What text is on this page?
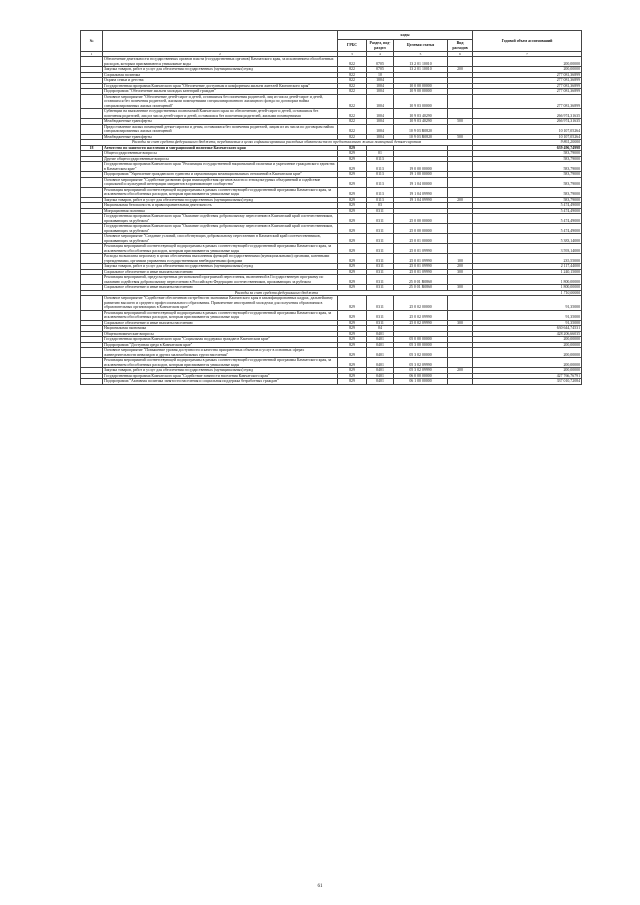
№		коды				Годовой объем ассигнований
		ГРБС	Раздел, под-раздел	Целевая статья	Вид расходов	
1	2	3	4	5	6	7
	Обеспечение деятельности государственных органов власти (государственных органов) Камчатского края, за исключением обособленных расходов, которым присваиваются уникальные коды	822	0705	13 2 01 10010		200,00000
	Закупка товаров, работ и услуг для обеспечения государственных (муниципальных) нужд	822	0705	13 2 01 10010	200	200,00000
	Социальная политика	822	10			277 081,36899
	Охрана семьи и детства	822	1004			277 081,36899
	Государственная программа Камчатского края "Обеспечение доступным и комфортным жильем жителей Камчатского края"	822	1004	10 0 00 00000		277 081,36899
	Подпрограмма "Обеспечение жильем молодых категорий граждан"	822	1004	10 9 00 00000		277 081,36899
	Основное мероприятие "Обеспечение детей-сирот и детей, оставшихся без попечения родителей, лиц из числа детей-сирот и детей, оставшихся без попечения родителей, жилыми помещениями специализированного жилищного фонда по договорам найма специализированных жилых помещений"	822	1004	10 9 03 00000		277 081,36899
	Субвенции на выполнение государственных полномочий Камчатского края по обеспечению детей-сирот и детей, оставшихся без попечения родителей, лиц из числа детей-сирот и детей, оставшихся без попечения родителей, жилыми помещениями	822	1004	10 9 03 40290		266 974,31635
	Межбюджетные трансферты	822	1004	10 9 03 40290	500	266 974,31635
	Предоставление жилых помещений детям-сиротам и детям, оставшимся без попечения родителей, лицам из их числа по договорам найма специализированных жилых помещений	822	1004	10 9 03 R0820		10 107,05264
	Межбюджетные трансферты	822	1004	10 9 03 R0820	500	10 107,05264
Расходы за счет средств федерального бюджета, передаваемых в целях софинансирования расходных обязательств по предоставлению жилых помещений детям-сиротам						9 861,20000
18	Агентство по занятости населения и миграционной политике Камчатского края	829				639 496,74998
	Общегосударственные вопросы	829	01			583,79000
	Другие общегосударственные вопросы	829	0113			583,79000
	Государственная программа Камчатского края "Реализация государственной национальной политики и укрепление гражданского единства в Камчатском крае"	829	0113	19 0 00 00000		583,79000
	Подпрограмма "Укрепление гражданского единства и гармонизация межнациональных отношений в Камчатском крае"	829	0113	19 1 00 00000		583,79000
	Основное мероприятие "Содействие развитию форм взаимодействия органов власти и этнокультурных объединений и содействие социальной и культурной интеграции мигрантов в принимающее сообщество"	829	0113	19 1 04 00000		583,79000
	Реализация мероприятий соответствующей подпрограммы в рамках соответствующей государственной программы Камчатского края, за исключением обособленных расходов, которым присваиваются уникальные коды	829	0113	19 1 04 09990		583,79000
	Закупка товаров, работ и услуг для обеспечения государственных (муниципальных) нужд	829	0113	19 1 04 09990	200	583,79000
	Национальная безопасность и правоохранительная деятельность	829	03			5 474,49000
	Миграционная политика	829	0311			5 474,49000
	Государственная программа Камчатского края "Оказание содействия добровольному переселению в Камчатский край соотечественников, проживающих за рубежом"	829	0311	25 0 00 00000		5 474,49000
	Государственная программа Камчатского края "Оказание содействия добровольному переселению в Камчатский край соотечественников, проживающих за рубежом"	829	0311	25 0 00 00000		5 474,49000
	Основное мероприятие "Создание условий, способствующих добровольному переселению в Камчатский край соотечественников, проживающих за рубежом"	829	0311	25 0 01 00000		5 383,14000
	Реализация мероприятий соответствующей подпрограммы в рамках соответствующей государственной программы Камчатского края, за исключением обособленных расходов, которым присваиваются уникальные коды	829	0311	25 0 01 09990		3 593,14000
	Расходы на выплаты персоналу в целях обеспечения выполнения функций государственными (муниципальными) органами, казенными учреждениями, органами управления государственными внебюджетными фондами	829	0311	25 0 01 09990	100	235,55000
	Закупка товаров, работ и услуг для обеспечения государственных (муниципальных) нужд	829	0311	25 0 01 09990	200	2 117,44000
	Социальное обеспечение и иные выплаты населению	829	0311	25 0 01 09990	300	1 240,15000
	Реализация мероприятий, предусмотренных региональной программой переселения, включенной в Государственную программу по оказанию содействия добровольному переселению в Российскую Федерацию соотечественников, проживающих за рубежом	829	0311	25 0 01 R0860		1 800,00000
	Социальное обеспечение и иные выплаты населению	829	0311	25 0 01 R0860	300	1 800,00000
Расходы за счет средств федерального бюджета						1 710,00000
	Основное мероприятие "Содействие обеспечению потребности экономики Камчатского края в квалифицированных кадрах, дальнейшему развитию высшего и среднего профессионального образования. Привлечение иностранной молодежи для получения образования в образовательных организациях в Камчатском крае"	829	0311	25 0 02 00000		91,35000
	Реализация мероприятий соответствующей подпрограммы в рамках соответствующей государственной программы Камчатского края, за исключением обособленных расходов, которым присваиваются уникальные коды	829	0311	25 0 02 09990		91,35000
	Социальное обеспечение и иные выплаты населению	829	0311	25 0 02 09990	300	91,35000
	Национальная экономика	829	04			630 644,74531
	Общеэкономические вопросы	829	0401			428 206,66035
	Государственная программа Камчатского края "Социальная поддержка граждан в Камчатском крае"	829	0401	05 0 00 00000		200,00000
	Подпрограмма "Доступная среда в Камчатском крае"	829	0401	05 3 00 00000		200,00000
	Основное мероприятие "Повышение уровня доступности и качества приоритетных объектов и услуг в основных сферах жизнедеятельности инвалидов и других маломобильных групп населения"	829	0401	05 3 02 00000		200,00000
	Реализация мероприятий соответствующей подпрограммы в рамках соответствующей государственной программы Камчатского края, за исключением обособленных расходов, которым присваиваются уникальные коды	829	0401	05 3 02 09990		200,00000
	Закупка товаров, работ и услуг для обеспечения государственных (муниципальных) нужд	829	0401	05 3 02 09990	200	200,00000
	Государственная программа Камчатского края "Содействие занятости населения Камчатского края"	829	0401	06 0 00 00000		427 766,76791
	Подпрограмма "Активная политика занятости населения и социальная поддержка безработных граждан"	829	0401	06 1 00 00000		337 010,72084
61
